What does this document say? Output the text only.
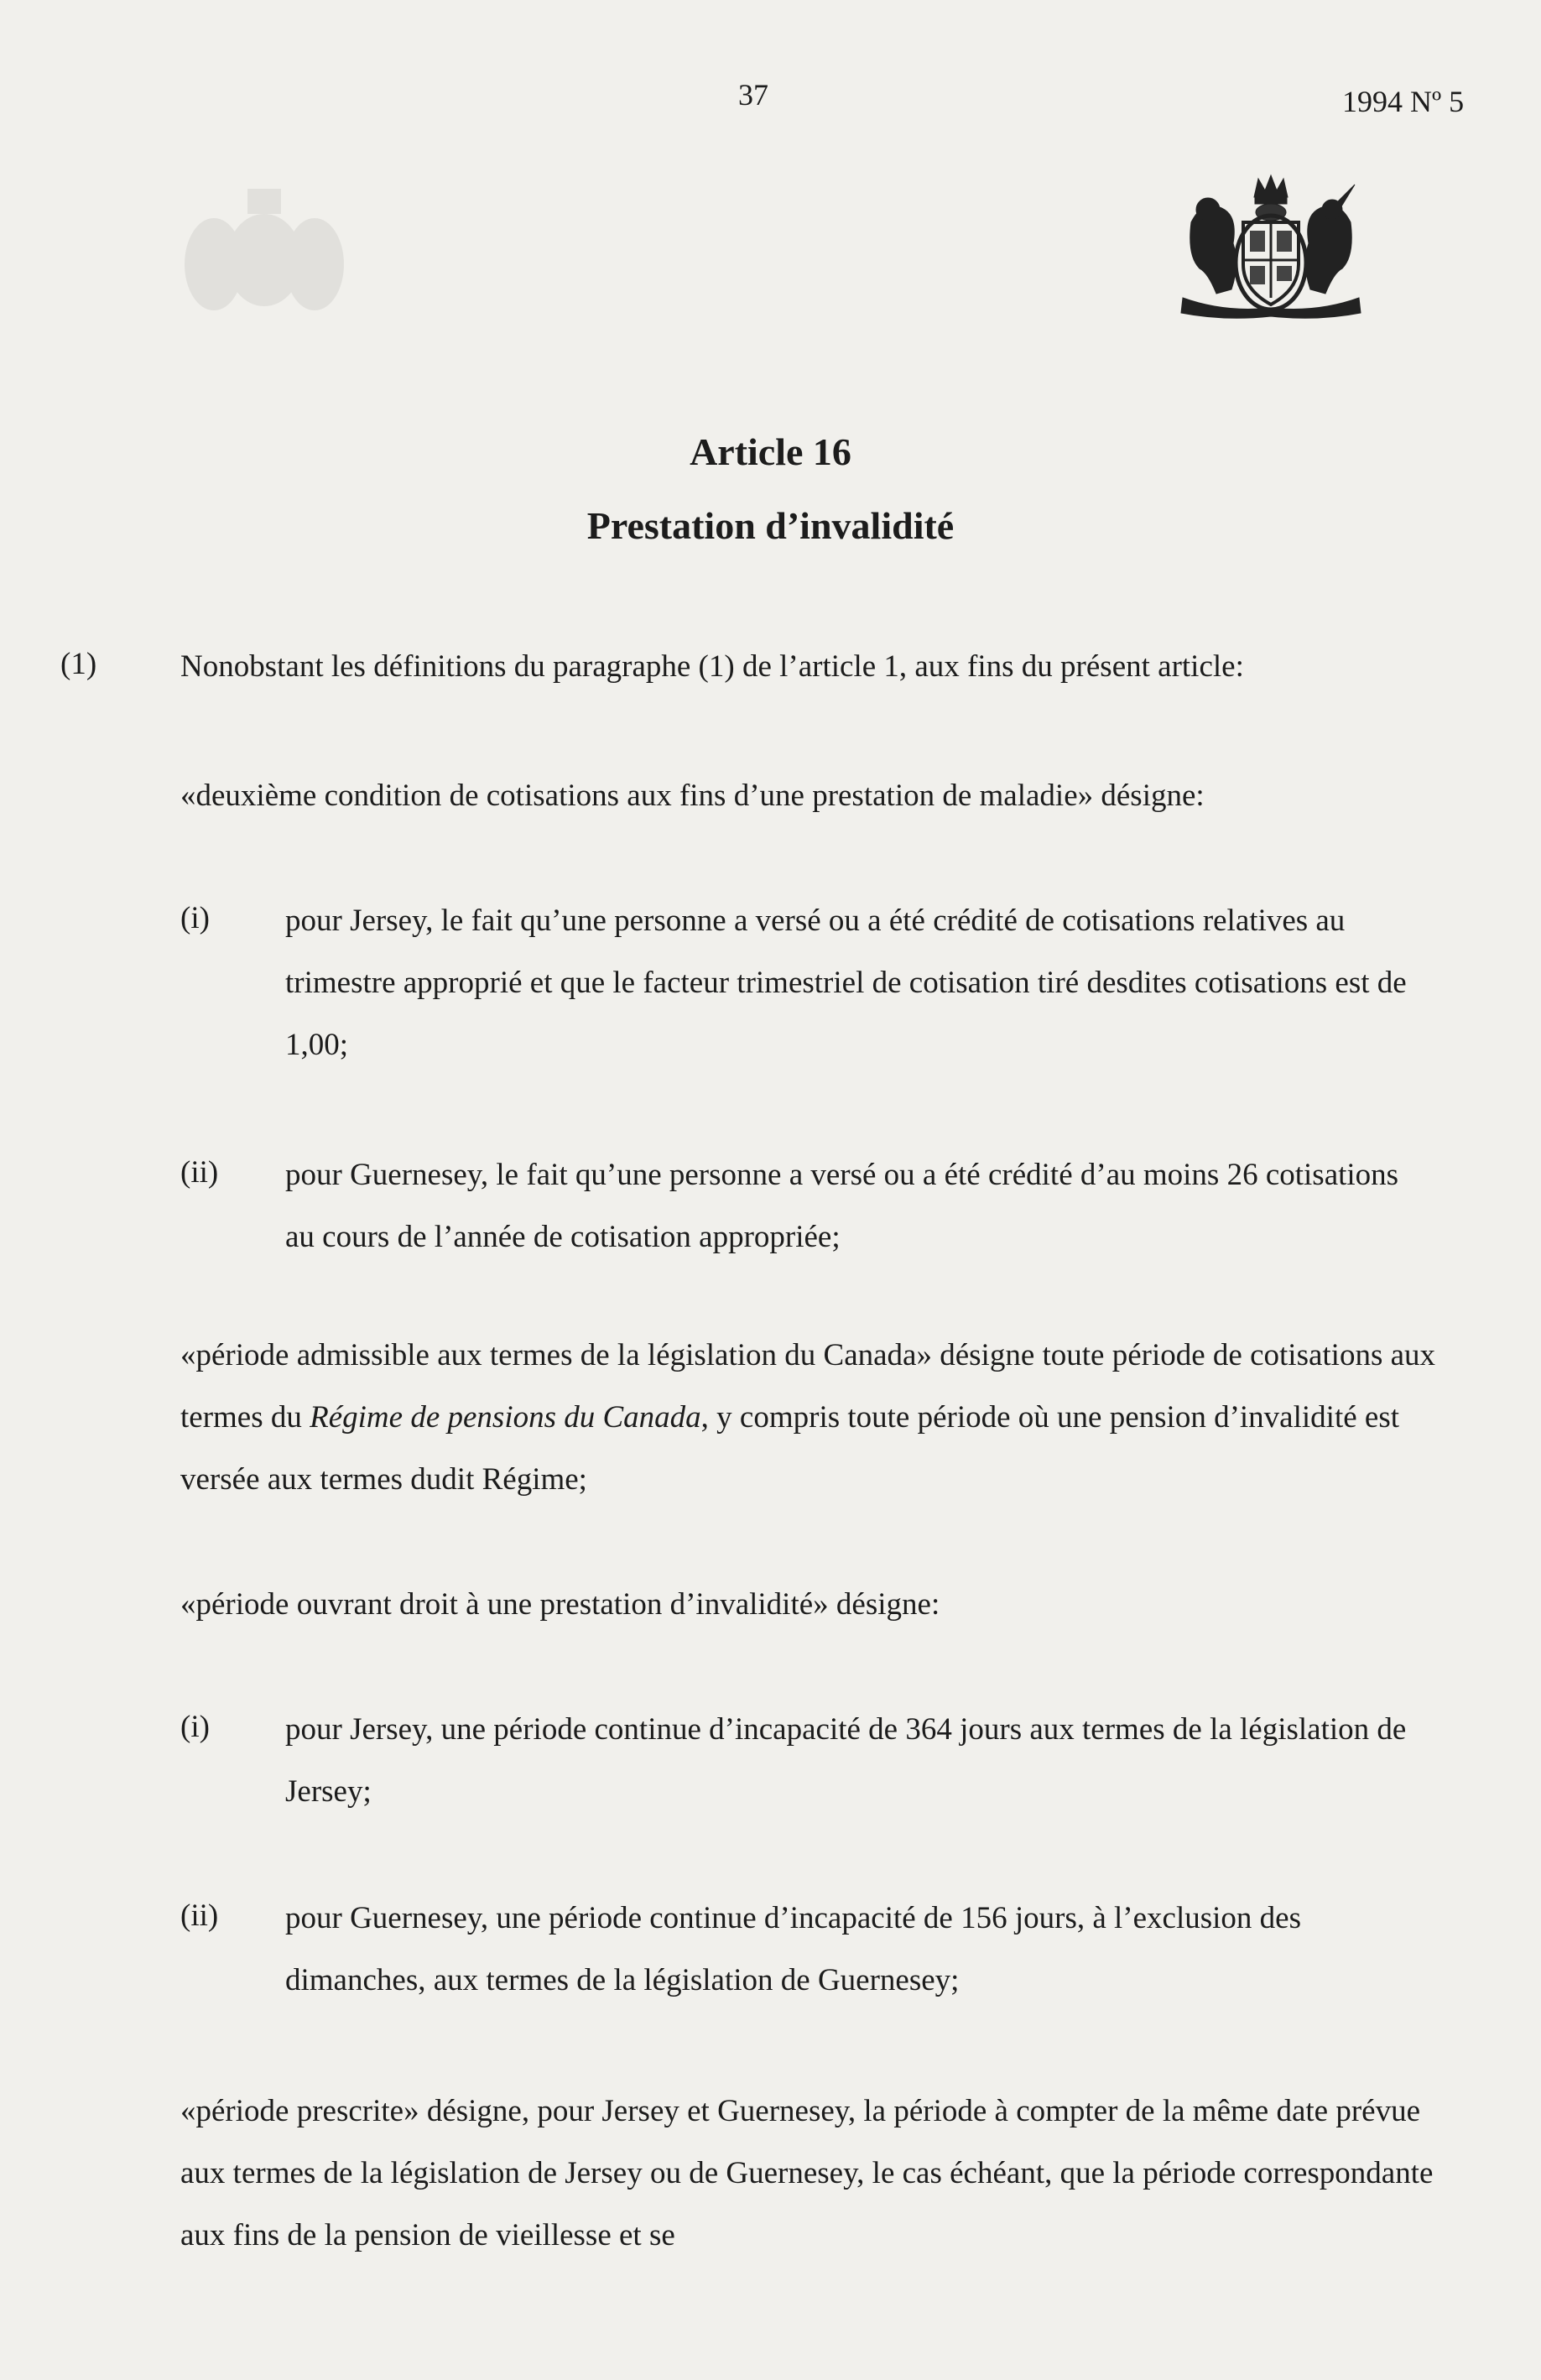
37	1994 Nº 5
Article 16
Prestation d’invalidité
(1)	Nonobstant les définitions du paragraphe (1) de l’article 1, aux fins du présent article:
«deuxième condition de cotisations aux fins d’une prestation de maladie» désigne:
(i) pour Jersey, le fait qu’une personne a versé ou a été crédité de cotisations relatives au trimestre approprié et que le facteur trimestriel de cotisation tiré desdites cotisations est de 1,00;
(ii) pour Guernesey, le fait qu’une personne a versé ou a été crédité d’au moins 26 cotisations au cours de l’année de cotisation appropriée;
«période admissible aux termes de la législation du Canada» désigne toute période de cotisations aux termes du Régime de pensions du Canada, y compris toute période où une pension d’invalidité est versée aux termes dudit Régime;
«période ouvrant droit à une prestation d’invalidité» désigne:
(i) pour Jersey, une période continue d’incapacité de 364 jours aux termes de la législation de Jersey;
(ii) pour Guernesey, une période continue d’incapacité de 156 jours, à l’exclusion des dimanches, aux termes de la législation de Guernesey;
«période prescrite» désigne, pour Jersey et Guernesey, la période à compter de la même date prévue aux termes de la législation de Jersey ou de Guernesey, le cas échéant, que la période correspondante aux fins de la pension de vieillesse et se
